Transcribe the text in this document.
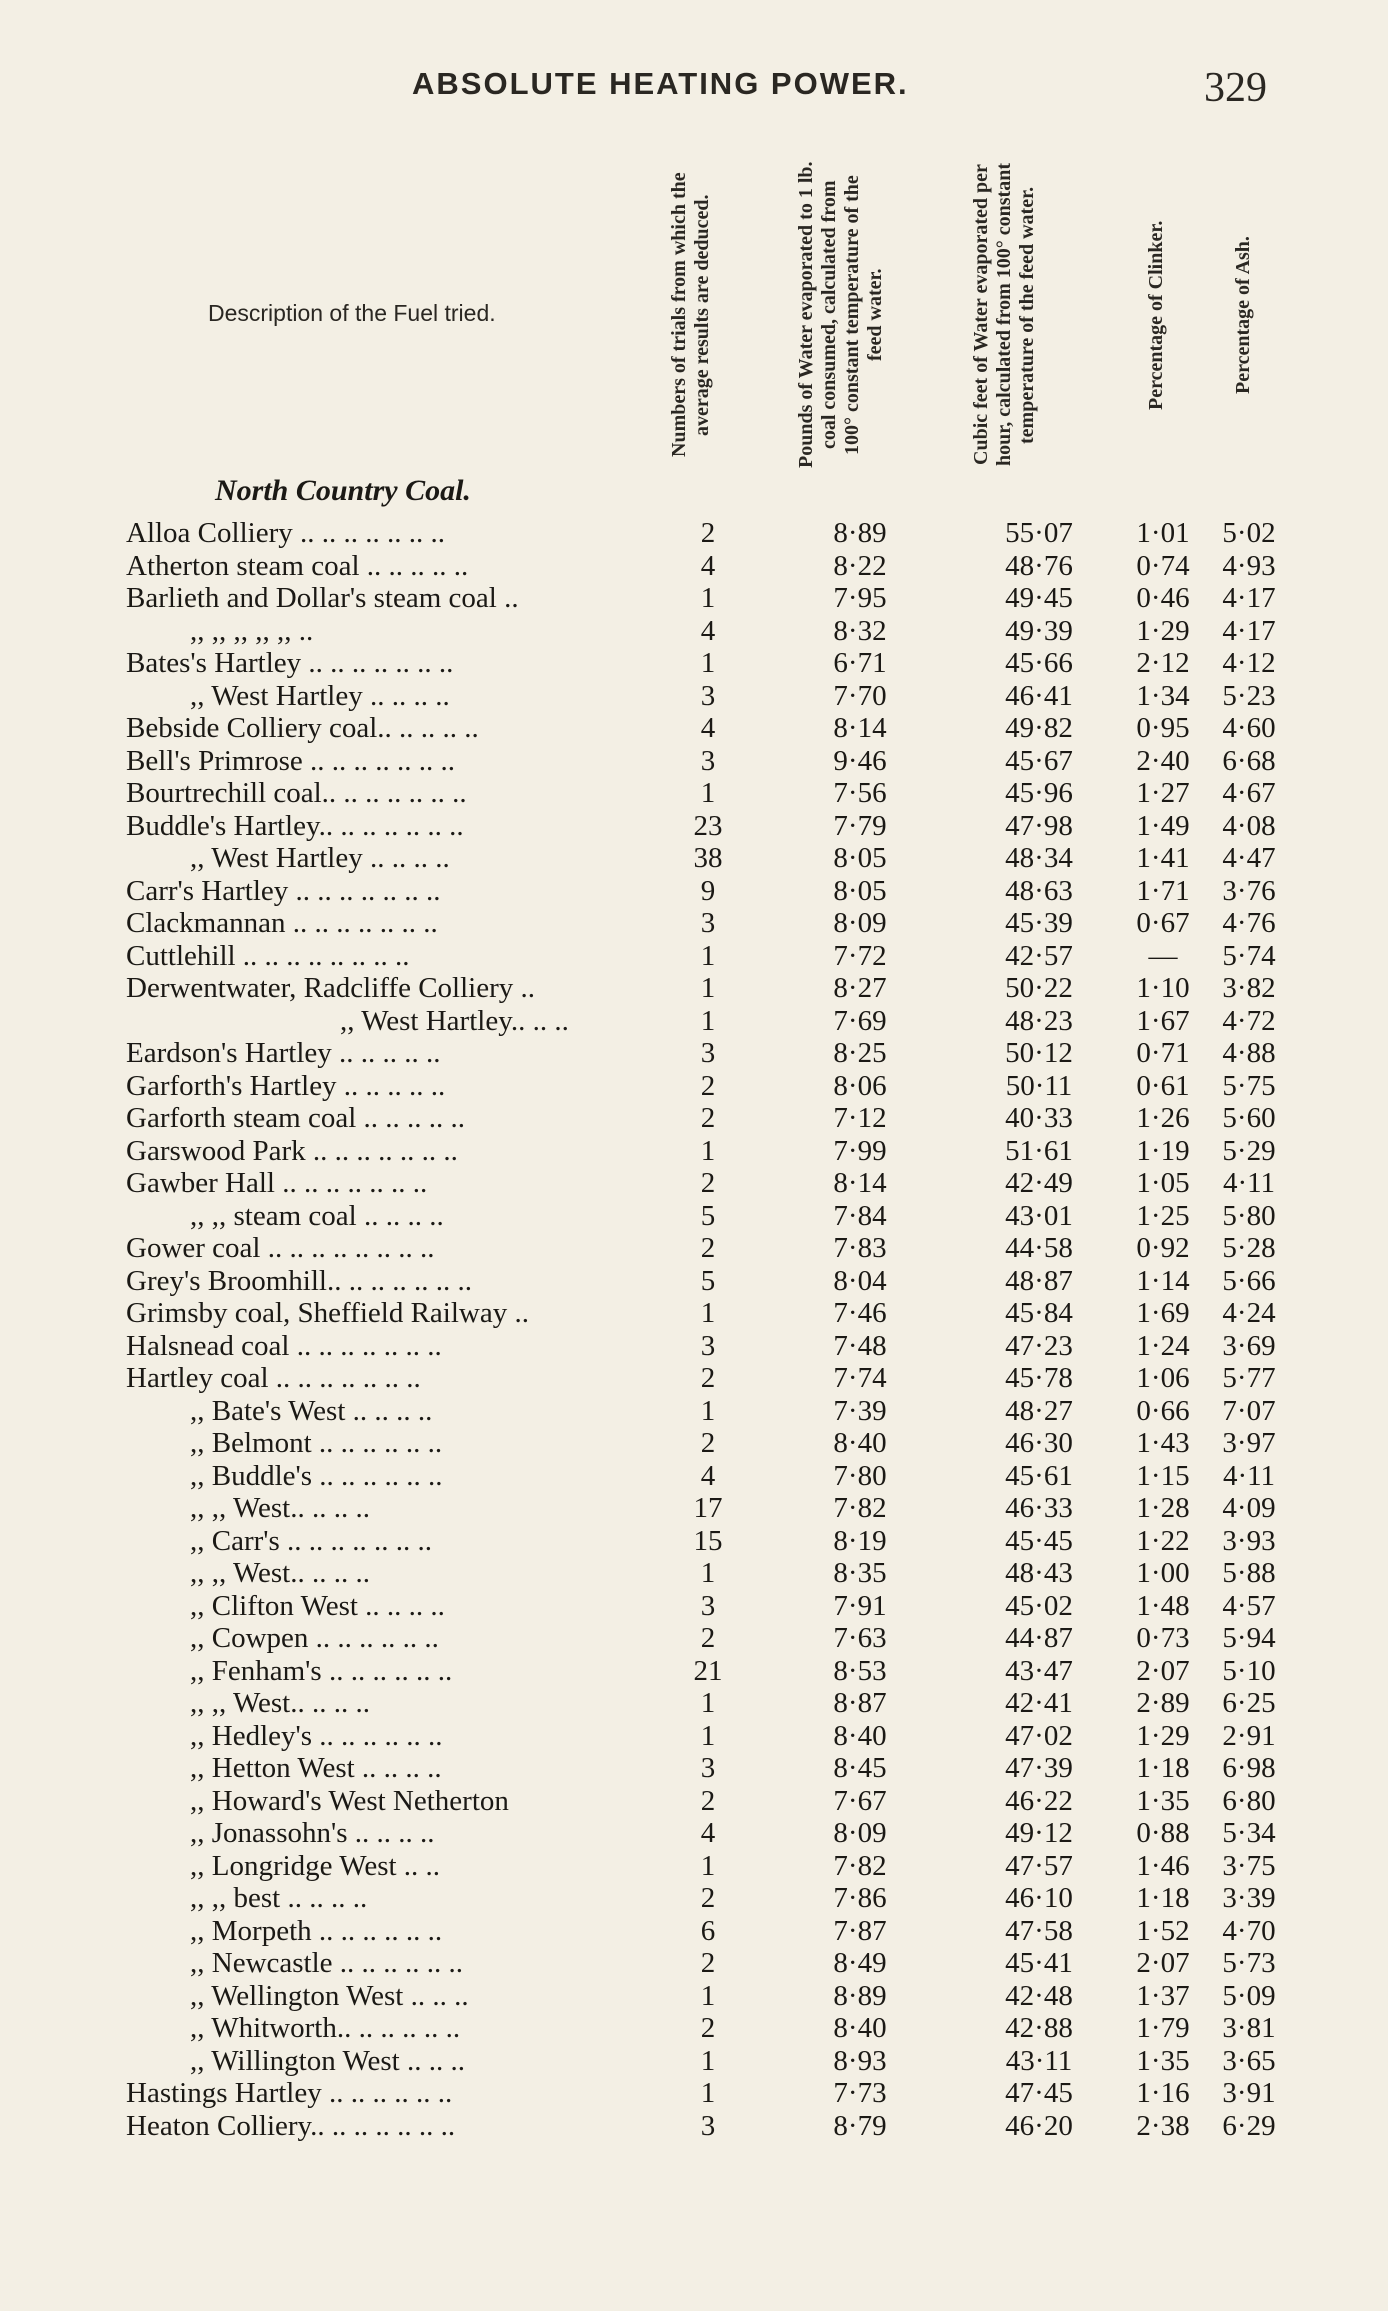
ABSOLUTE HEATING POWER.	329
Description of the Fuel tried.	Numbers of trials from which the average results are deduced.	Pounds of Water evaporated to 1 lb. coal consumed, calculated from 100° constant temperature of the feed water.	Cubic feet of Water evaporated per hour, calculated from 100° constant temperature of the feed water.	Percentage of Clinker.	Percentage of Ash.
North Country Coal.
Alloa Colliery .. .. .. .. .. .. ..	2	8·89	55·07	1·01	5·02
Atherton steam coal .. .. .. .. ..	4	8·22	48·76	0·74	4·93
Barlieth and Dollar's steam coal ..	1	7·95	49·45	0·46	4·17
,, ,, ,, ,, ,, ..	4	8·32	49·39	1·29	4·17
Bates's Hartley .. .. .. .. .. .. ..	1	6·71	45·66	2·12	4·12
,, West Hartley .. .. .. ..	3	7·70	46·41	1·34	5·23
Bebside Colliery coal.. .. .. .. ..	4	8·14	49·82	0·95	4·60
Bell's Primrose .. .. .. .. .. .. ..	3	9·46	45·67	2·40	6·68
Bourtrechill coal.. .. .. .. .. .. ..	1	7·56	45·96	1·27	4·67
Buddle's Hartley.. .. .. .. .. .. ..	23	7·79	47·98	1·49	4·08
,, West Hartley .. .. .. ..	38	8·05	48·34	1·41	4·47
Carr's Hartley .. .. .. .. .. .. ..	9	8·05	48·63	1·71	3·76
Clackmannan .. .. .. .. .. .. ..	3	8·09	45·39	0·67	4·76
Cuttlehill .. .. .. .. .. .. .. ..	1	7·72	42·57	—	5·74
Derwentwater, Radcliffe Colliery ..	1	8·27	50·22	1·10	3·82
,, West Hartley.. .. ..	1	7·69	48·23	1·67	4·72
Eardson's Hartley .. .. .. .. ..	3	8·25	50·12	0·71	4·88
Garforth's Hartley .. .. .. .. ..	2	8·06	50·11	0·61	5·75
Garforth steam coal .. .. .. .. ..	2	7·12	40·33	1·26	5·60
Garswood Park .. .. .. .. .. .. ..	1	7·99	51·61	1·19	5·29
Gawber Hall .. .. .. .. .. .. ..	2	8·14	42·49	1·05	4·11
,, ,, steam coal .. .. .. ..	5	7·84	43·01	1·25	5·80
Gower coal .. .. .. .. .. .. .. ..	2	7·83	44·58	0·92	5·28
Grey's Broomhill.. .. .. .. .. .. ..	5	8·04	48·87	1·14	5·66
Grimsby coal, Sheffield Railway ..	1	7·46	45·84	1·69	4·24
Halsnead coal .. .. .. .. .. .. ..	3	7·48	47·23	1·24	3·69
Hartley coal .. .. .. .. .. .. ..	2	7·74	45·78	1·06	5·77
,, Bate's West .. .. .. ..	1	7·39	48·27	0·66	7·07
,, Belmont .. .. .. .. .. ..	2	8·40	46·30	1·43	3·97
,, Buddle's .. .. .. .. .. ..	4	7·80	45·61	1·15	4·11
,, ,, West.. .. .. ..	17	7·82	46·33	1·28	4·09
,, Carr's .. .. .. .. .. .. ..	15	8·19	45·45	1·22	3·93
,, ,, West.. .. .. ..	1	8·35	48·43	1·00	5·88
,, Clifton West .. .. .. ..	3	7·91	45·02	1·48	4·57
,, Cowpen .. .. .. .. .. ..	2	7·63	44·87	0·73	5·94
,, Fenham's .. .. .. .. .. ..	21	8·53	43·47	2·07	5·10
,, ,, West.. .. .. ..	1	8·87	42·41	2·89	6·25
,, Hedley's .. .. .. .. .. ..	1	8·40	47·02	1·29	2·91
,, Hetton West .. .. .. ..	3	8·45	47·39	1·18	6·98
,, Howard's West Netherton	2	7·67	46·22	1·35	6·80
,, Jonassohn's .. .. .. ..	4	8·09	49·12	0·88	5·34
,, Longridge West .. ..	1	7·82	47·57	1·46	3·75
,, ,, best .. .. .. ..	2	7·86	46·10	1·18	3·39
,, Morpeth .. .. .. .. .. ..	6	7·87	47·58	1·52	4·70
,, Newcastle .. .. .. .. .. ..	2	8·49	45·41	2·07	5·73
,, Wellington West .. .. ..	1	8·89	42·48	1·37	5·09
,, Whitworth.. .. .. .. .. ..	2	8·40	42·88	1·79	3·81
,, Willington West .. .. ..	1	8·93	43·11	1·35	3·65
Hastings Hartley .. .. .. .. .. ..	1	7·73	47·45	1·16	3·91
Heaton Colliery.. .. .. .. .. .. ..	3	8·79	46·20	2·38	6·29
